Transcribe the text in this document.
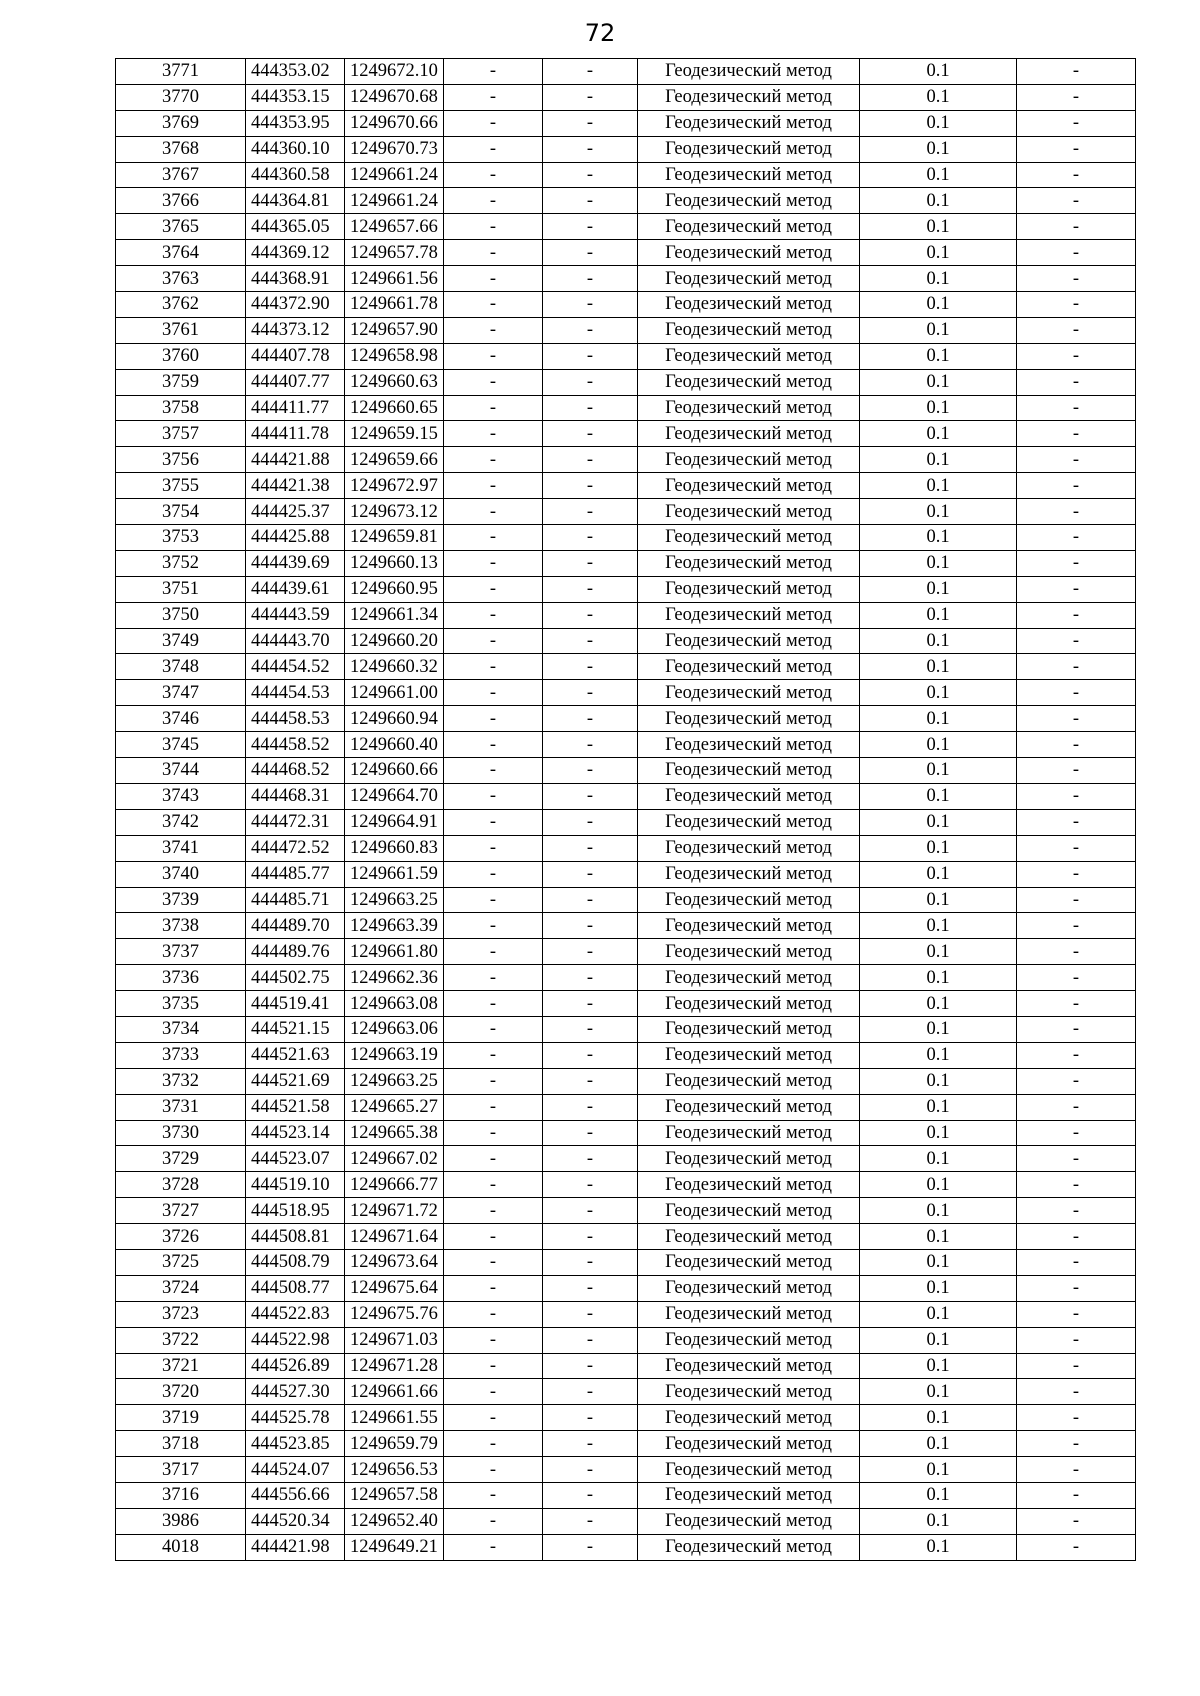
72
3771	444353.02	1249672.10	-	-	Геодезический метод	0.1	-
3770	444353.15	1249670.68	-	-	Геодезический метод	0.1	-
3769	444353.95	1249670.66	-	-	Геодезический метод	0.1	-
3768	444360.10	1249670.73	-	-	Геодезический метод	0.1	-
3767	444360.58	1249661.24	-	-	Геодезический метод	0.1	-
3766	444364.81	1249661.24	-	-	Геодезический метод	0.1	-
3765	444365.05	1249657.66	-	-	Геодезический метод	0.1	-
3764	444369.12	1249657.78	-	-	Геодезический метод	0.1	-
3763	444368.91	1249661.56	-	-	Геодезический метод	0.1	-
3762	444372.90	1249661.78	-	-	Геодезический метод	0.1	-
3761	444373.12	1249657.90	-	-	Геодезический метод	0.1	-
3760	444407.78	1249658.98	-	-	Геодезический метод	0.1	-
3759	444407.77	1249660.63	-	-	Геодезический метод	0.1	-
3758	444411.77	1249660.65	-	-	Геодезический метод	0.1	-
3757	444411.78	1249659.15	-	-	Геодезический метод	0.1	-
3756	444421.88	1249659.66	-	-	Геодезический метод	0.1	-
3755	444421.38	1249672.97	-	-	Геодезический метод	0.1	-
3754	444425.37	1249673.12	-	-	Геодезический метод	0.1	-
3753	444425.88	1249659.81	-	-	Геодезический метод	0.1	-
3752	444439.69	1249660.13	-	-	Геодезический метод	0.1	-
3751	444439.61	1249660.95	-	-	Геодезический метод	0.1	-
3750	444443.59	1249661.34	-	-	Геодезический метод	0.1	-
3749	444443.70	1249660.20	-	-	Геодезический метод	0.1	-
3748	444454.52	1249660.32	-	-	Геодезический метод	0.1	-
3747	444454.53	1249661.00	-	-	Геодезический метод	0.1	-
3746	444458.53	1249660.94	-	-	Геодезический метод	0.1	-
3745	444458.52	1249660.40	-	-	Геодезический метод	0.1	-
3744	444468.52	1249660.66	-	-	Геодезический метод	0.1	-
3743	444468.31	1249664.70	-	-	Геодезический метод	0.1	-
3742	444472.31	1249664.91	-	-	Геодезический метод	0.1	-
3741	444472.52	1249660.83	-	-	Геодезический метод	0.1	-
3740	444485.77	1249661.59	-	-	Геодезический метод	0.1	-
3739	444485.71	1249663.25	-	-	Геодезический метод	0.1	-
3738	444489.70	1249663.39	-	-	Геодезический метод	0.1	-
3737	444489.76	1249661.80	-	-	Геодезический метод	0.1	-
3736	444502.75	1249662.36	-	-	Геодезический метод	0.1	-
3735	444519.41	1249663.08	-	-	Геодезический метод	0.1	-
3734	444521.15	1249663.06	-	-	Геодезический метод	0.1	-
3733	444521.63	1249663.19	-	-	Геодезический метод	0.1	-
3732	444521.69	1249663.25	-	-	Геодезический метод	0.1	-
3731	444521.58	1249665.27	-	-	Геодезический метод	0.1	-
3730	444523.14	1249665.38	-	-	Геодезический метод	0.1	-
3729	444523.07	1249667.02	-	-	Геодезический метод	0.1	-
3728	444519.10	1249666.77	-	-	Геодезический метод	0.1	-
3727	444518.95	1249671.72	-	-	Геодезический метод	0.1	-
3726	444508.81	1249671.64	-	-	Геодезический метод	0.1	-
3725	444508.79	1249673.64	-	-	Геодезический метод	0.1	-
3724	444508.77	1249675.64	-	-	Геодезический метод	0.1	-
3723	444522.83	1249675.76	-	-	Геодезический метод	0.1	-
3722	444522.98	1249671.03	-	-	Геодезический метод	0.1	-
3721	444526.89	1249671.28	-	-	Геодезический метод	0.1	-
3720	444527.30	1249661.66	-	-	Геодезический метод	0.1	-
3719	444525.78	1249661.55	-	-	Геодезический метод	0.1	-
3718	444523.85	1249659.79	-	-	Геодезический метод	0.1	-
3717	444524.07	1249656.53	-	-	Геодезический метод	0.1	-
3716	444556.66	1249657.58	-	-	Геодезический метод	0.1	-
3986	444520.34	1249652.40	-	-	Геодезический метод	0.1	-
4018	444421.98	1249649.21	-	-	Геодезический метод	0.1	-
